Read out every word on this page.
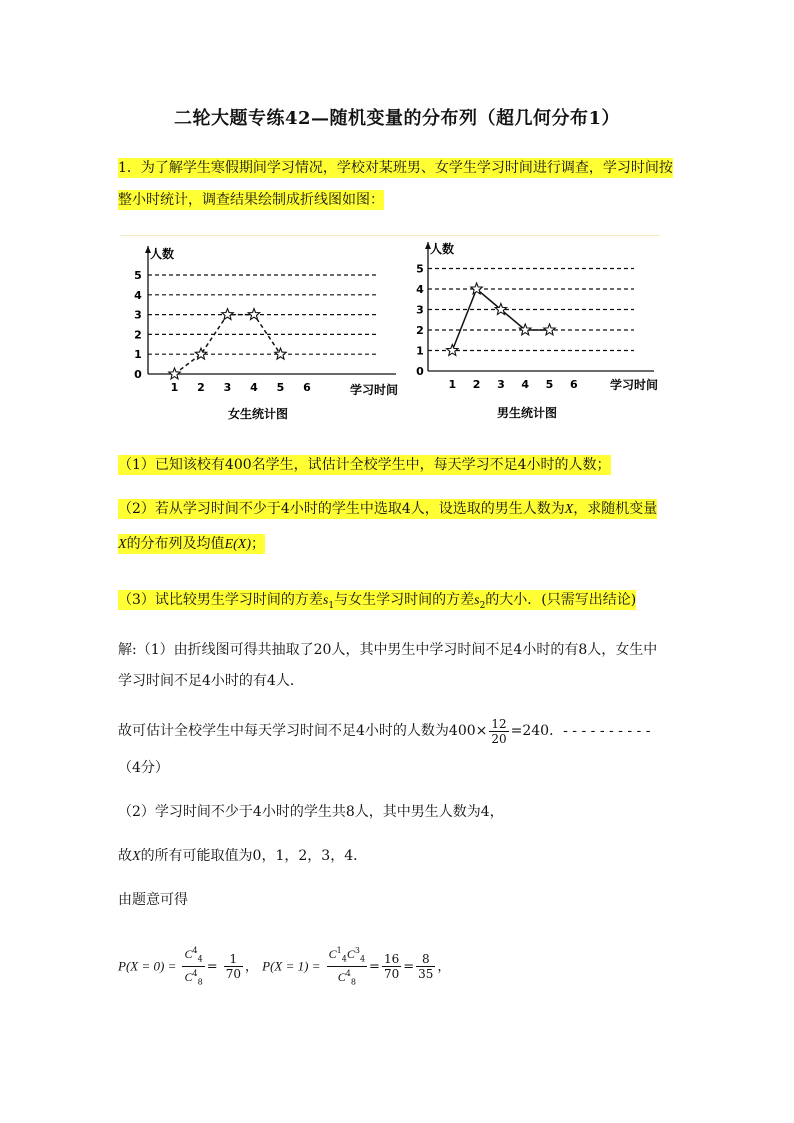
二轮大题专练42—随机变量的分布列（超几何分布1）
1．为了解学生寒假期间学习情况，学校对某班男、女学生学习时间进行调查，学习时间按
整小时统计，调查结果绘制成折线图如图：
0
1
2
3
4
5
1 2 3 4 5 6
人数
学习时间
女生统计图
0
1
2
3
4
5
1 2 3 4 5 6
人数
学习时间
男生统计图
（1）已知该校有400名学生，试估计全校学生中，每天学习不足4小时的人数；
（2）若从学习时间不少于4小时的学生中选取4人，设选取的男生人数为X，求随机变量
X的分布列及均值E(X)；
（3）试比较男生学习时间的方差$s_1$与女生学习时间的方差$s_2$的大小．(只需写出结论)
解:（1）由折线图可得共抽取了20人，其中男生中学习时间不足4小时的有8人，女生中
学习时间不足4小时的有4人．
故可估计全校学生中每天学习时间不足4小时的人数为$400\times \frac{12}{20} =240$．- - - - - - - - - -
（4分）
（2）学习时间不少于4小时的学生共8人，其中男生人数为4，
故X的所有可能取值为0，1，2，3，4．
由题意可得
$P(X = 0) = \frac{C^4_4}{C^4_8} = \frac{1}{70}$ ， $P(X = 1) = \frac{C^1_4C^3_4}{C^4_8} = \frac{16}{70} = \frac{8}{35}$ ，
